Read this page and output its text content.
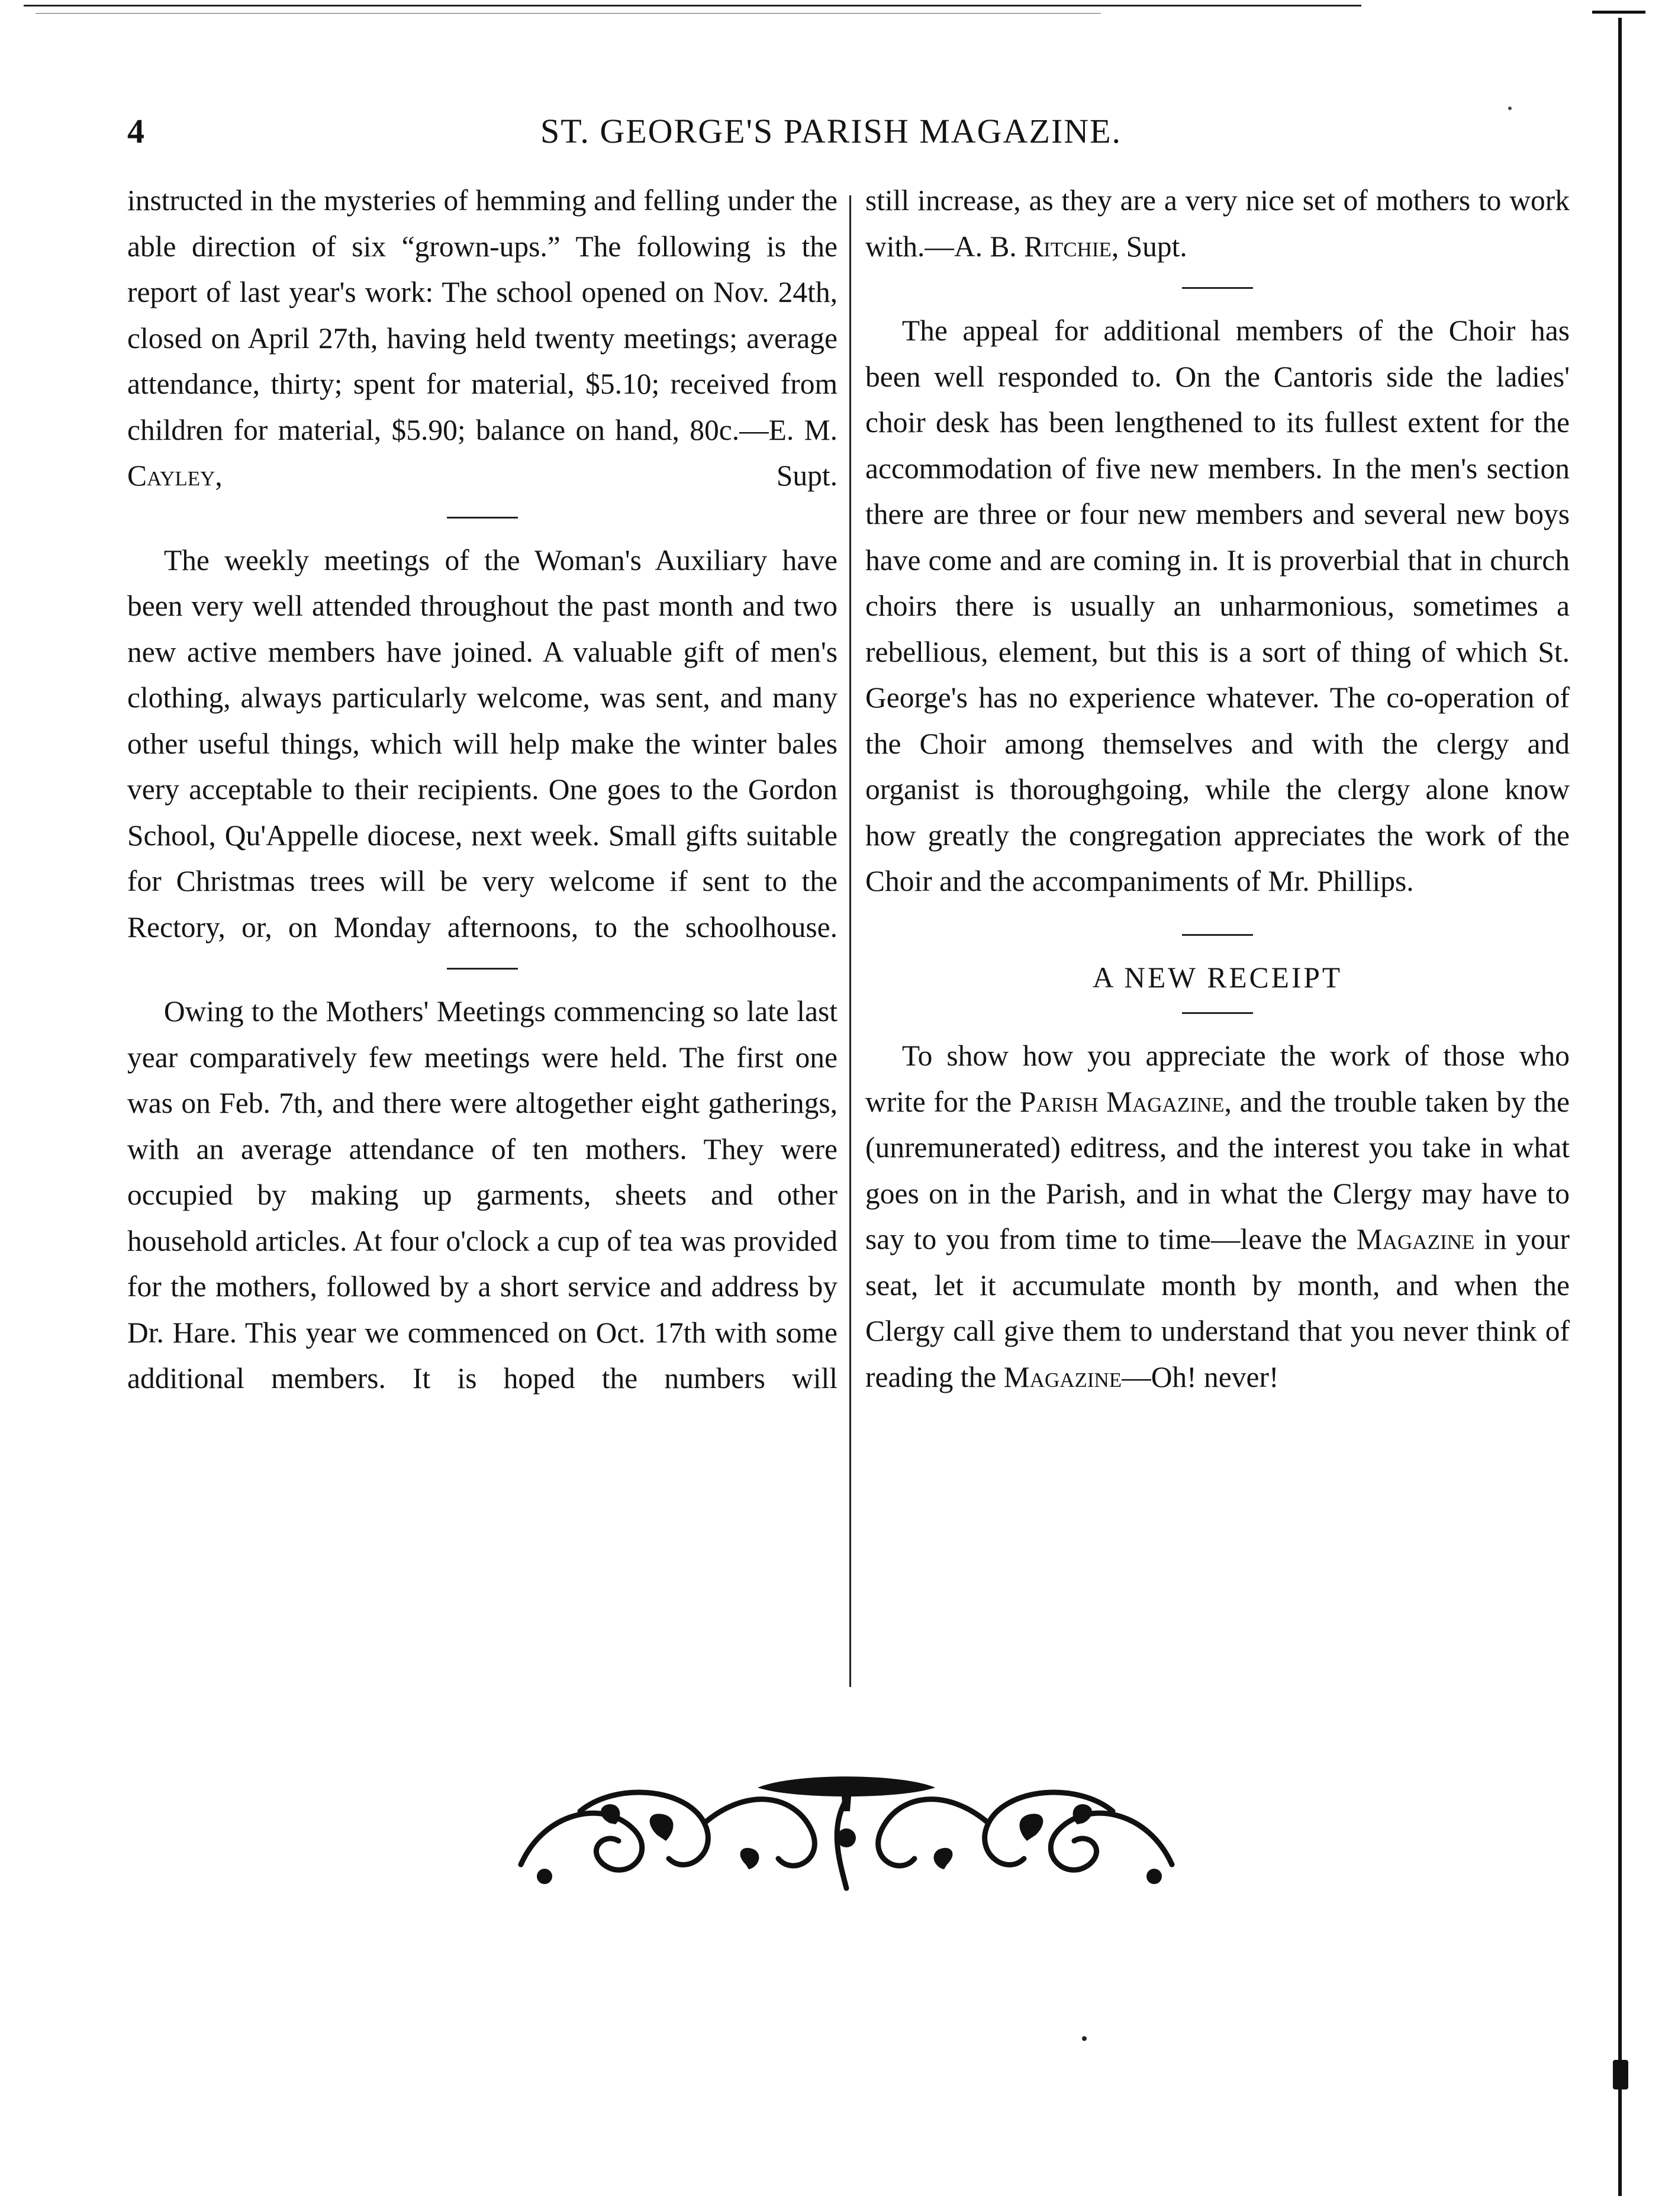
4	ST. GEORGE'S PARISH MAGAZINE.
instructed in the mysteries of hemming and felling under the able direction of six “grown-ups.” The following is the report of last year's work: The school opened on Nov. 24th, closed on April 27th, having held twenty meetings; average attendance, thirty; spent for material, $5.10; received from children for material, $5.90; balance on hand, 80c.—E. M. Cayley, Supt.
The weekly meetings of the Woman's Auxiliary have been very well attended throughout the past month and two new active members have joined. A valuable gift of men's clothing, always particularly welcome, was sent, and many other useful things, which will help make the winter bales very acceptable to their recipients. One goes to the Gordon School, Qu'Appelle diocese, next week. Small gifts suitable for Christmas trees will be very welcome if sent to the Rectory, or, on Monday afternoons, to the schoolhouse.
Owing to the Mothers' Meetings commencing so late last year comparatively few meetings were held. The first one was on Feb. 7th, and there were altogether eight gatherings, with an average attendance of ten mothers. They were occupied by making up garments, sheets and other household articles. At four o'clock a cup of tea was provided for the mothers, followed by a short service and address by Dr. Hare. This year we commenced on Oct. 17th with some additional members. It is hoped the numbers will
still increase, as they are a very nice set of mothers to work with.—A. B. Ritchie, Supt.
The appeal for additional members of the Choir has been well responded to. On the Cantoris side the ladies' choir desk has been lengthened to its fullest extent for the accommodation of five new members. In the men's section there are three or four new members and several new boys have come and are coming in. It is proverbial that in church choirs there is usually an unharmonious, sometimes a rebellious, element, but this is a sort of thing of which St. George's has no experience whatever. The co-operation of the Choir among themselves and with the clergy and organist is thoroughgoing, while the clergy alone know how greatly the congregation appreciates the work of the Choir and the accompaniments of Mr. Phillips.
A NEW RECEIPT
To show how you appreciate the work of those who write for the Parish Magazine, and the trouble taken by the (unremunerated) editress, and the interest you take in what goes on in the Parish, and in what the Clergy may have to say to you from time to time—leave the Magazine in your seat, let it accumulate month by month, and when the Clergy call give them to understand that you never think of reading the Magazine—Oh! never!
